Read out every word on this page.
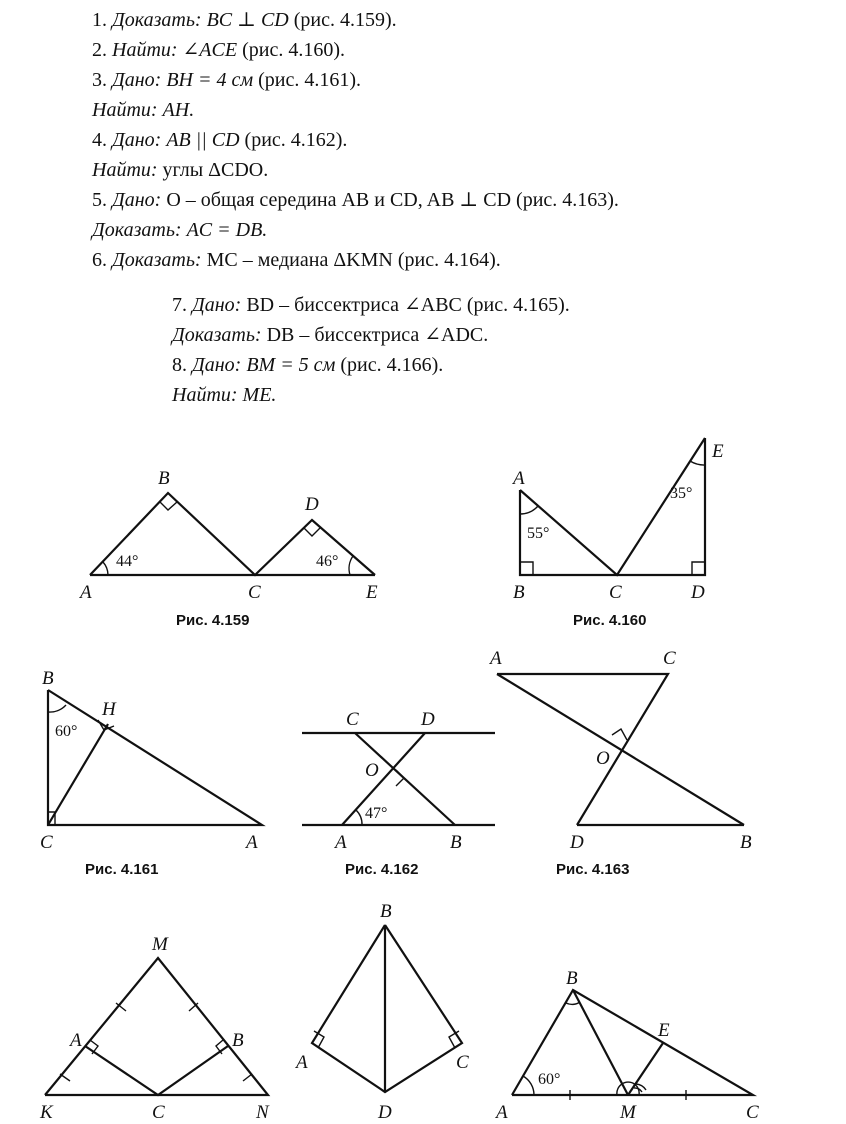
1. Доказать: BC ⊥ CD (рис. 4.159).
2. Найти: ∠ACE (рис. 4.160).
3. Дано: BH = 4 см (рис. 4.161).
Найти: AH.
4. Дано: AB || CD (рис. 4.162).
Найти: углы ΔCDO.
5. Дано: O – общая середина AB и CD, AB ⊥ CD (рис. 4.163).
Доказать: AC = DB.
6. Доказать: MC – медиана ΔKMN (рис. 4.164).
7. Дано: BD – биссектриса ∠ABC (рис. 4.165).
Доказать: DB – биссектриса ∠ADC.
8. Дано: BM = 5 см (рис. 4.166).
Найти: ME.
B
A	C
D
E
44°	46°
Рис. 4.159
A
B	C	D
E
55°
35°
Рис. 4.160
B
H
C	A
60°
Рис. 4.161
C	D
O
A	B
47°
Рис. 4.162
A	C
O
D	B
Рис. 4.163
M
A	B
K	C	N
B
A	C
D
B
E
A	M	C
60°
